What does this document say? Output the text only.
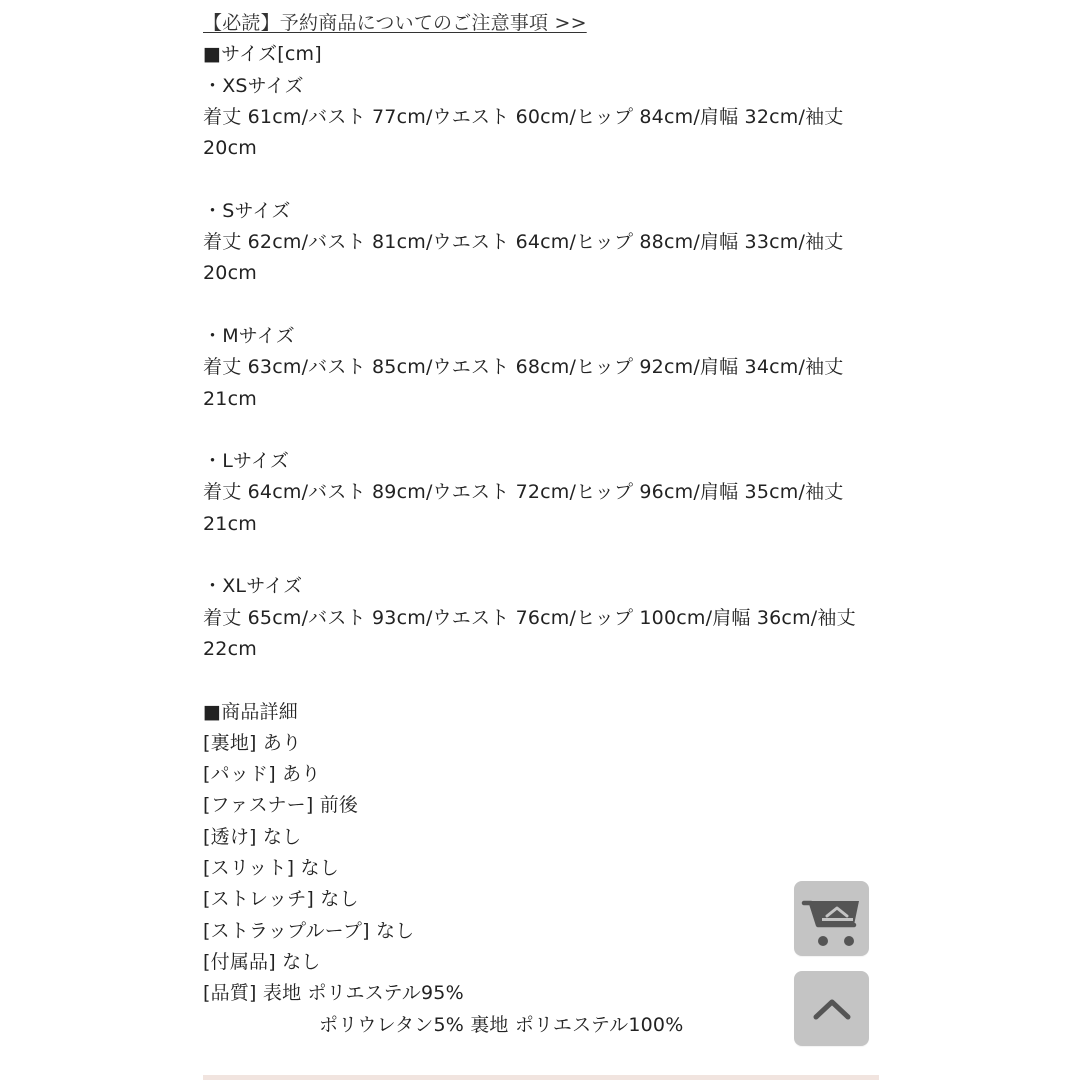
【必読】予約商品についてのご注意事項 >>
■サイズ[cm]
・XSサイズ
着丈 61cm/バスト 77cm/ウエスト 60cm/ヒップ 84cm/肩幅 32cm/袖丈 20cm
・Sサイズ
着丈 62cm/バスト 81cm/ウエスト 64cm/ヒップ 88cm/肩幅 33cm/袖丈 20cm
・Mサイズ
着丈 63cm/バスト 85cm/ウエスト 68cm/ヒップ 92cm/肩幅 34cm/袖丈 21cm
・Lサイズ
着丈 64cm/バスト 89cm/ウエスト 72cm/ヒップ 96cm/肩幅 35cm/袖丈 21cm
・XLサイズ
着丈 65cm/バスト 93cm/ウエスト 76cm/ヒップ 100cm/肩幅 36cm/袖丈 22cm
■商品詳細
[裏地] あり
[パッド] あり
[ファスナー] 前後
[透け] なし
[スリット] なし
[ストレッチ] なし
[ストラップループ] なし
[付属品] なし
[品質] 表地 ポリエステル95%
ポリウレタン5% 裏地 ポリエステル100%
